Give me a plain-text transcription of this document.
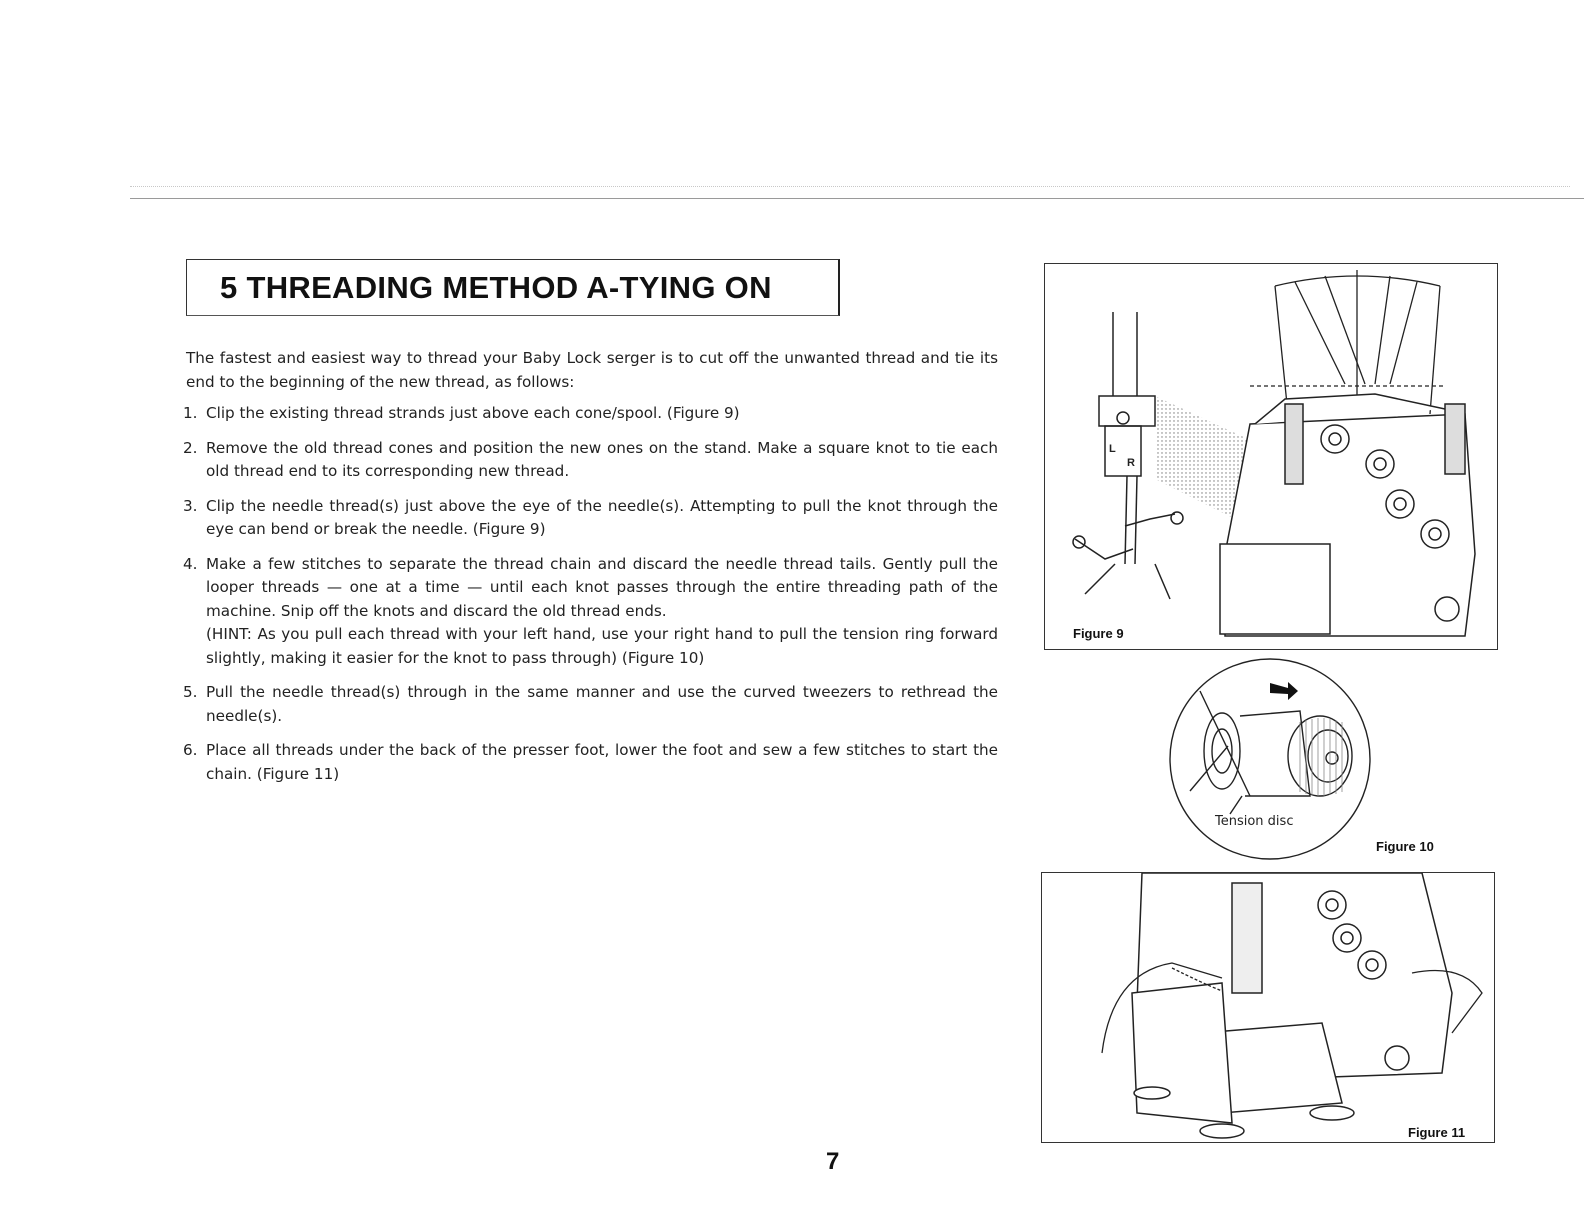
5 THREADING METHOD A-TYING ON

The fastest and easiest way to thread your Baby Lock serger is to cut off the unwanted thread and tie its end to the beginning of the new thread, as follows:

1. Clip the existing thread strands just above each cone/spool. (Figure 9)
2. Remove the old thread cones and position the new ones on the stand. Make a square knot to tie each old thread end to its corresponding new thread.
3. Clip the needle thread(s) just above the eye of the needle(s). Attempting to pull the knot through the eye can bend or break the needle. (Figure 9)
4. Make a few stitches to separate the thread chain and discard the needle thread tails. Gently pull the looper threads — one at a time — until each knot passes through the entire threading path of the machine. Snip off the knots and discard the old thread ends.
(HINT: As you pull each thread with your left hand, use your right hand to pull the tension ring forward slightly, making it easier for the knot to pass through) (Figure 10)
5. Pull the needle thread(s) through in the same manner and use the curved tweezers to rethread the needle(s).
6. Place all threads under the back of the presser foot, lower the foot and sew a few stitches to start the chain. (Figure 11)
L
R
Figure 9
Tension disc
Figure 10
Figure 11
7
